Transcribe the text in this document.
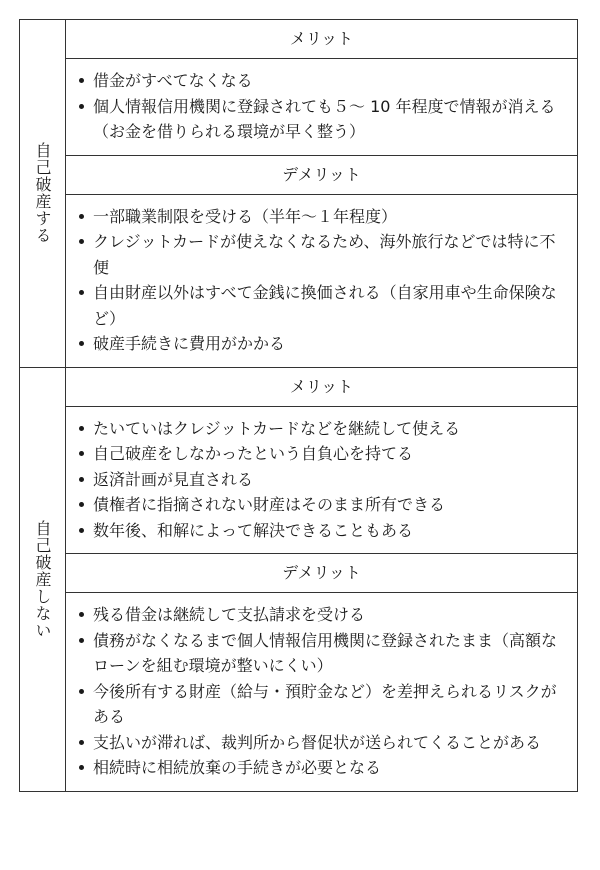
自己破産する
メリット
借金がすべてなくなる
個人情報信用機関に登録されても５〜 10 年程度で情報が消える（お金を借りられる環境が早く整う）
デメリット
一部職業制限を受ける（半年〜１年程度）
クレジットカードが使えなくなるため、海外旅行などでは特に不便
自由財産以外はすべて金銭に換価される（自家用車や生命保険など）
破産手続きに費用がかかる
自己破産しない
メリット
たいていはクレジットカードなどを継続して使える
自己破産をしなかったという自負心を持てる
返済計画が見直される
債権者に指摘されない財産はそのまま所有できる
数年後、和解によって解決できることもある
デメリット
残る借金は継続して支払請求を受ける
債務がなくなるまで個人情報信用機関に登録されたまま（高額なローンを組む環境が整いにくい）
今後所有する財産（給与・預貯金など）を差押えられるリスクがある
支払いが滞れば、裁判所から督促状が送られてくることがある
相続時に相続放棄の手続きが必要となる
